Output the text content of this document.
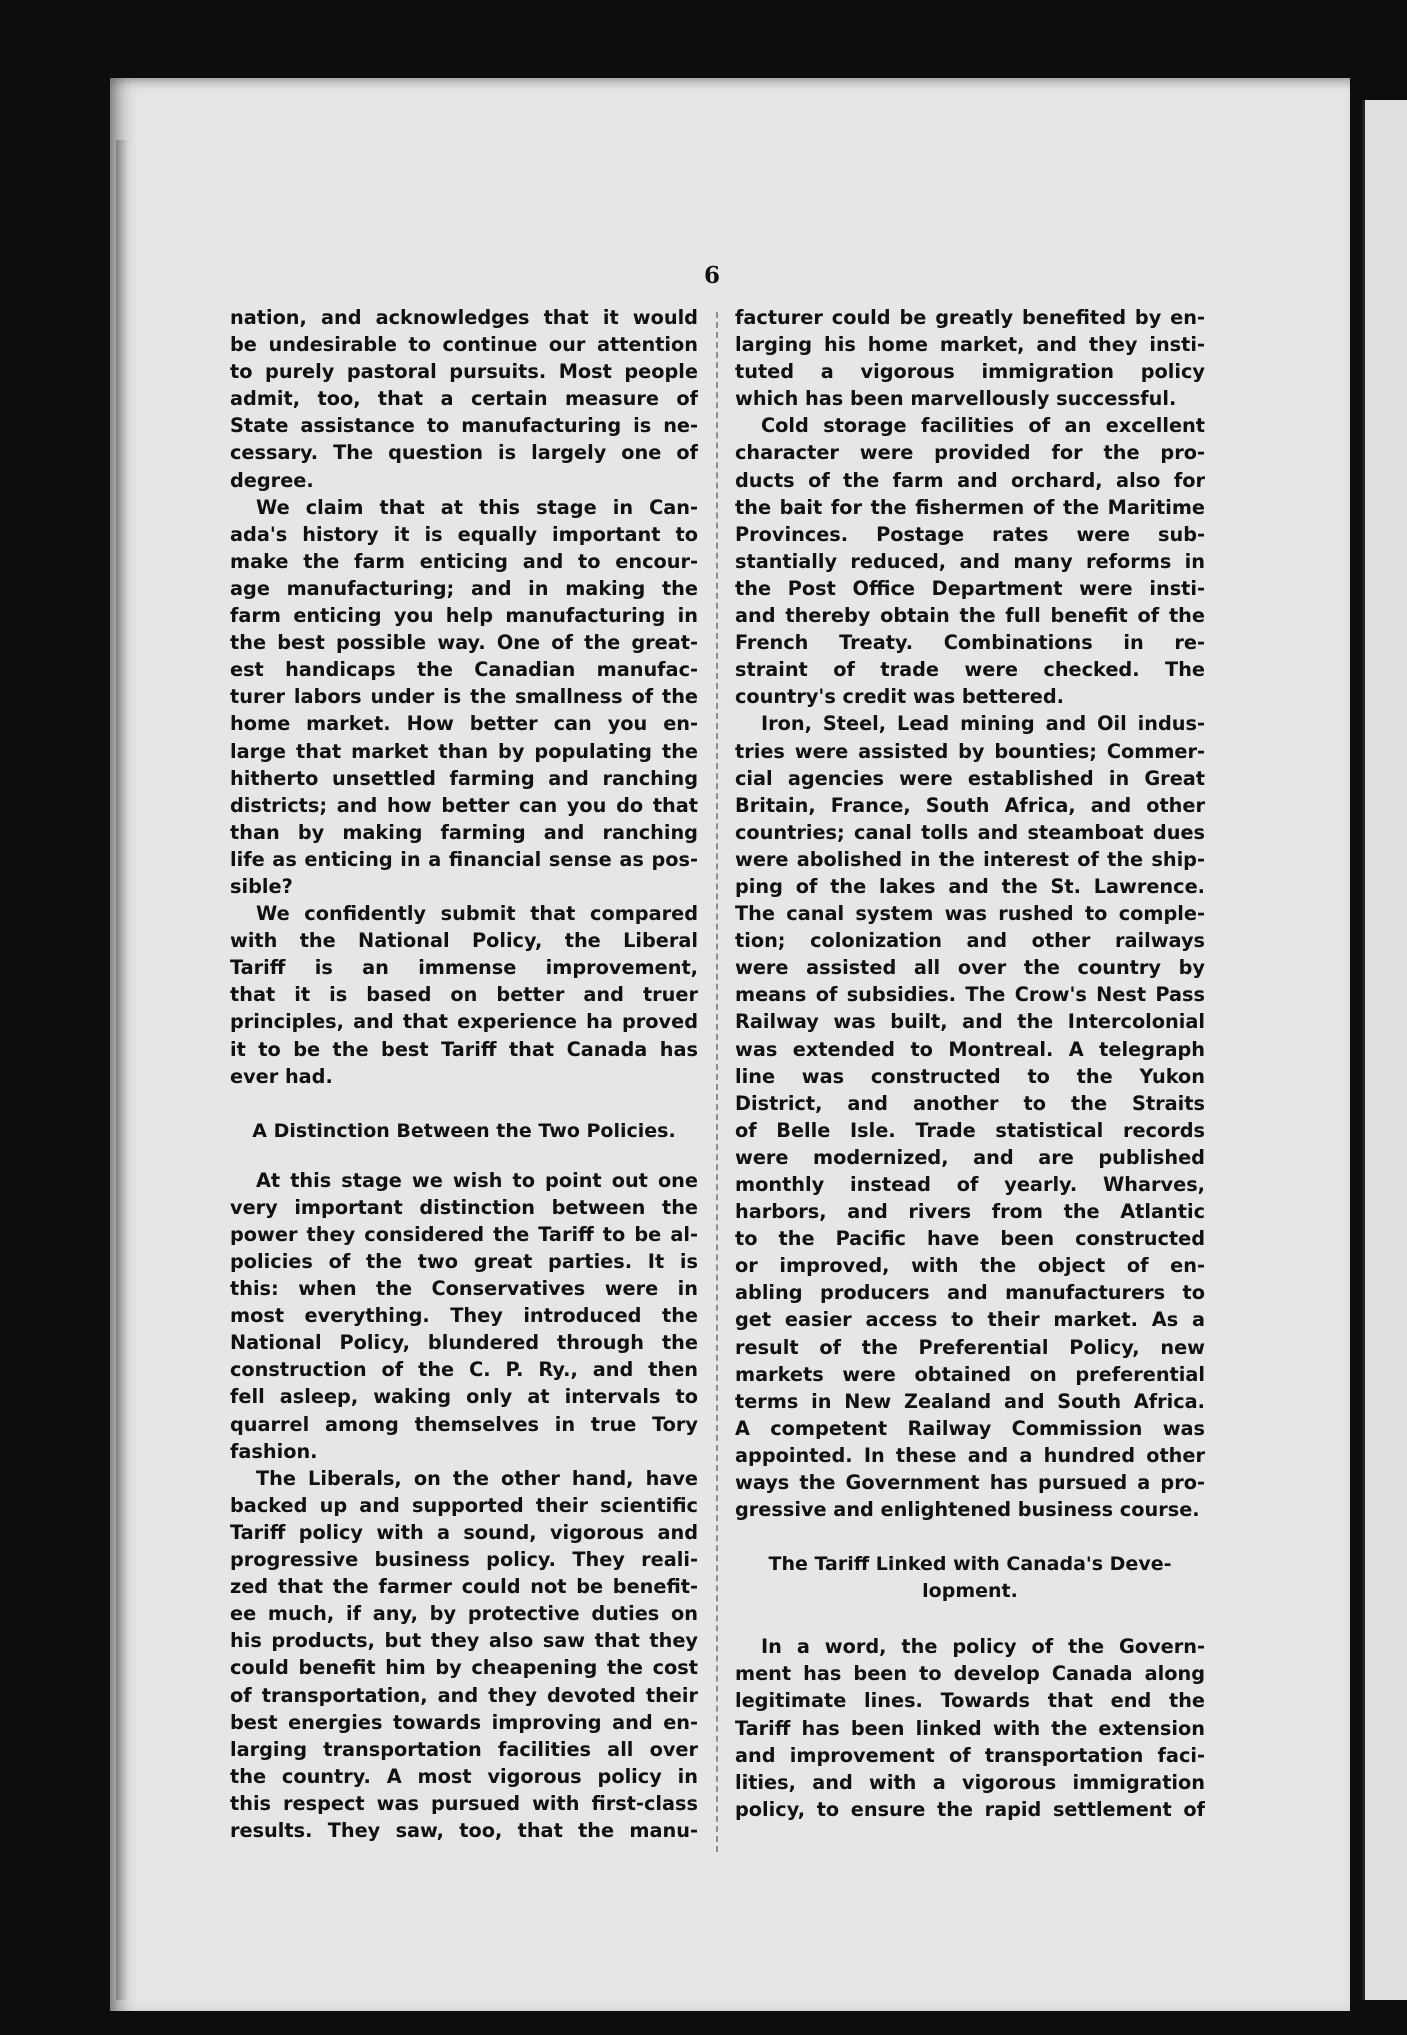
6
nation, and acknowledges that it would
be undesirable to continue our attention
to purely pastoral pursuits. Most people
admit, too, that a certain measure of
State assistance to manufacturing is ne-
cessary. The question is largely one of
degree.
We claim that at this stage in Can-
ada's history it is equally important to
make the farm enticing and to encour-
age manufacturing; and in making the
farm enticing you help manufacturing in
the best possible way. One of the great-
est handicaps the Canadian manufac-
turer labors under is the smallness of the
home market. How better can you en-
large that market than by populating the
hitherto unsettled farming and ranching
districts; and how better can you do that
than by making farming and ranching
life as enticing in a financial sense as pos-
sible?
We confidently submit that compared
with the National Policy, the Liberal
Tariff is an immense improvement,
that it is based on better and truer
principles, and that experience ha proved
it to be the best Tariff that Canada has
ever had.
A Distinction Between the Two Policies.
At this stage we wish to point out one
very important distinction between the
power they considered the Tariff to be al-
policies of the two great parties. It is
this: when the Conservatives were in
most everything. They introduced the
National Policy, blundered through the
construction of the C. P. Ry., and then
fell asleep, waking only at intervals to
quarrel among themselves in true Tory
fashion.
The Liberals, on the other hand, have
backed up and supported their scientific
Tariff policy with a sound, vigorous and
progressive business policy. They reali-
zed that the farmer could not be benefit-
ee much, if any, by protective duties on
his products, but they also saw that they
could benefit him by cheapening the cost
of transportation, and they devoted their
best energies towards improving and en-
larging transportation facilities all over
the country. A most vigorous policy in
this respect was pursued with first-class
results. They saw, too, that the manu-
facturer could be greatly benefited by en-
larging his home market, and they insti-
tuted a vigorous immigration policy
which has been marvellously successful.
Cold storage facilities of an excellent
character were provided for the pro-
ducts of the farm and orchard, also for
the bait for the fishermen of the Maritime
Provinces. Postage rates were sub-
stantially reduced, and many reforms in
the Post Office Department were insti-
and thereby obtain the full benefit of the
French Treaty. Combinations in re-
straint of trade were checked. The
country's credit was bettered.
Iron, Steel, Lead mining and Oil indus-
tries were assisted by bounties; Commer-
cial agencies were established in Great
Britain, France, South Africa, and other
countries; canal tolls and steamboat dues
were abolished in the interest of the ship-
ping of the lakes and the St. Lawrence.
The canal system was rushed to comple-
tion; colonization and other railways
were assisted all over the country by
means of subsidies. The Crow's Nest Pass
Railway was built, and the Intercolonial
was extended to Montreal. A telegraph
line was constructed to the Yukon
District, and another to the Straits
of Belle Isle. Trade statistical records
were modernized, and are published
monthly instead of yearly. Wharves,
harbors, and rivers from the Atlantic
to the Pacific have been constructed
or improved, with the object of en-
abling producers and manufacturers to
get easier access to their market. As a
result of the Preferential Policy, new
markets were obtained on preferential
terms in New Zealand and South Africa.
A competent Railway Commission was
appointed. In these and a hundred other
ways the Government has pursued a pro-
gressive and enlightened business course.
The Tariff Linked with Canada's Deve-
lopment.
In a word, the policy of the Govern-
ment has been to develop Canada along
legitimate lines. Towards that end the
Tariff has been linked with the extension
and improvement of transportation faci-
lities, and with a vigorous immigration
policy, to ensure the rapid settlement of
